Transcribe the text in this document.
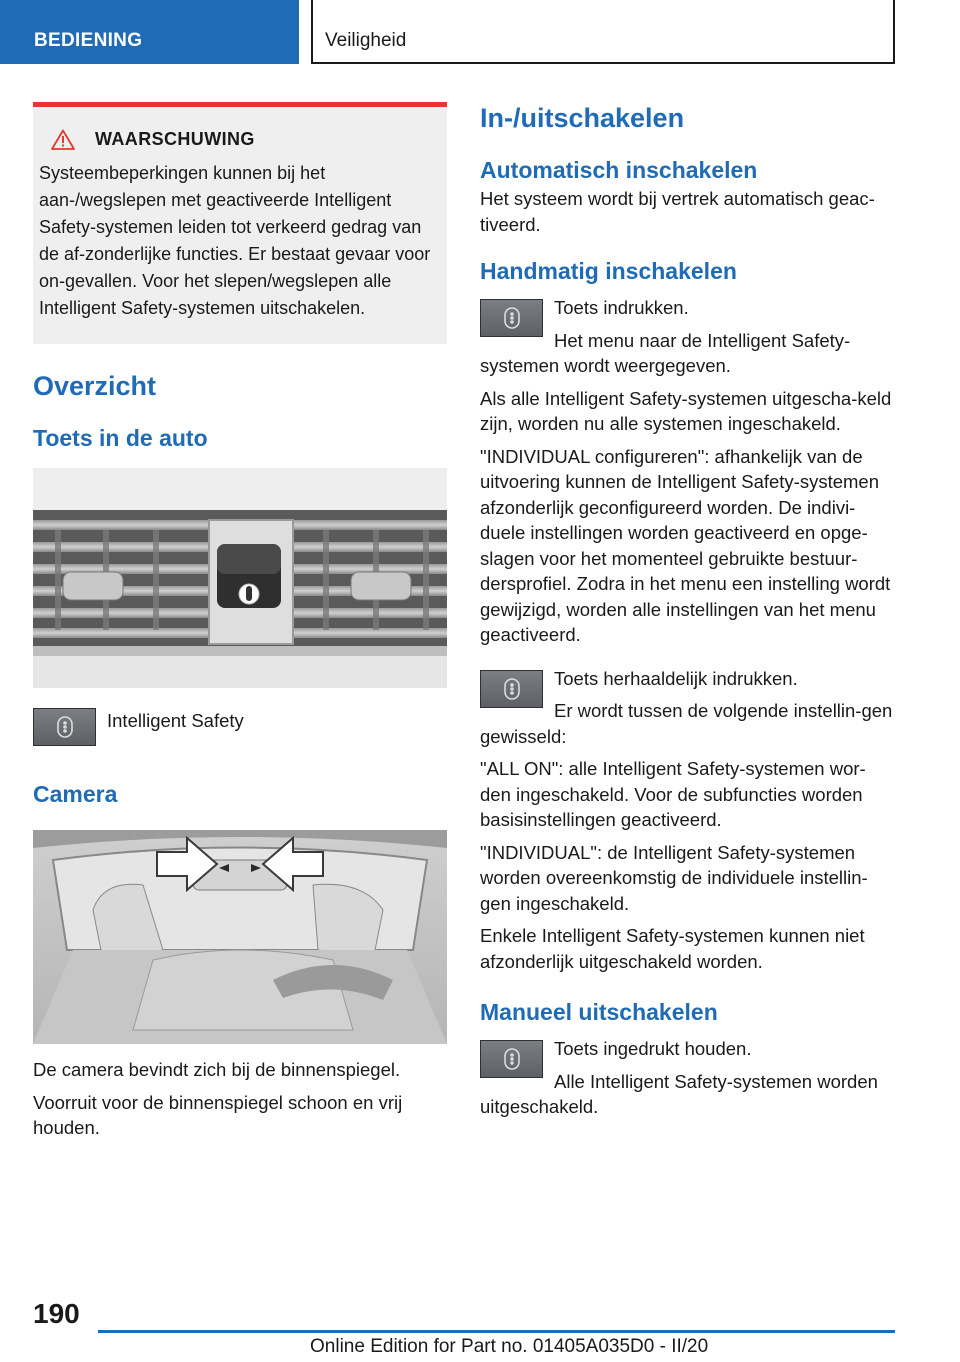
BEDIENING	Veiligheid
WAARSCHUWING

Systeembeperkingen kunnen bij het aan-/wegslepen met geactiveerde Intelligent Safety-systemen leiden tot verkeerd gedrag van de af-zonderlijke functies. Er bestaat gevaar voor on-gevallen. Voor het slepen/wegslepen alle Intelligent Safety-systemen uitschakelen.

Overzicht
Toets in de auto

Intelligent Safety

Camera

De camera bevindt zich bij de binnenspiegel.

Voorruit voor de binnenspiegel schoon en vrij houden.

In-/uitschakelen
Automatisch inschakelen

Het systeem wordt bij vertrek automatisch geac-tiveerd.

Handmatig inschakelen

Toets indrukken.

Het menu naar de Intelligent Safety-systemen wordt weergegeven.

Als alle Intelligent Safety-systemen uitgescha-keld zijn, worden nu alle systemen ingeschakeld.

"INDIVIDUAL configureren": afhankelijk van de uitvoering kunnen de Intelligent Safety-systemen afzonderlijk geconfigureerd worden. De indivi-duele instellingen worden geactiveerd en opge-slagen voor het momenteel gebruikte bestuur-dersprofiel. Zodra in het menu een instelling wordt gewijzigd, worden alle instellingen van het menu geactiveerd.

Toets herhaaldelijk indrukken.

Er wordt tussen de volgende instellin-gen gewisseld:

"ALL ON": alle Intelligent Safety-systemen wor-den ingeschakeld. Voor de subfuncties worden basisinstellingen geactiveerd.

"INDIVIDUAL": de Intelligent Safety-systemen worden overeenkomstig de individuele instellin-gen ingeschakeld.

Enkele Intelligent Safety-systemen kunnen niet afzonderlijk uitgeschakeld worden.

Manueel uitschakelen

Toets ingedrukt houden.

Alle Intelligent Safety-systemen worden uitgeschakeld.

190
Online Edition for Part no. 01405A035D0 - II/20
